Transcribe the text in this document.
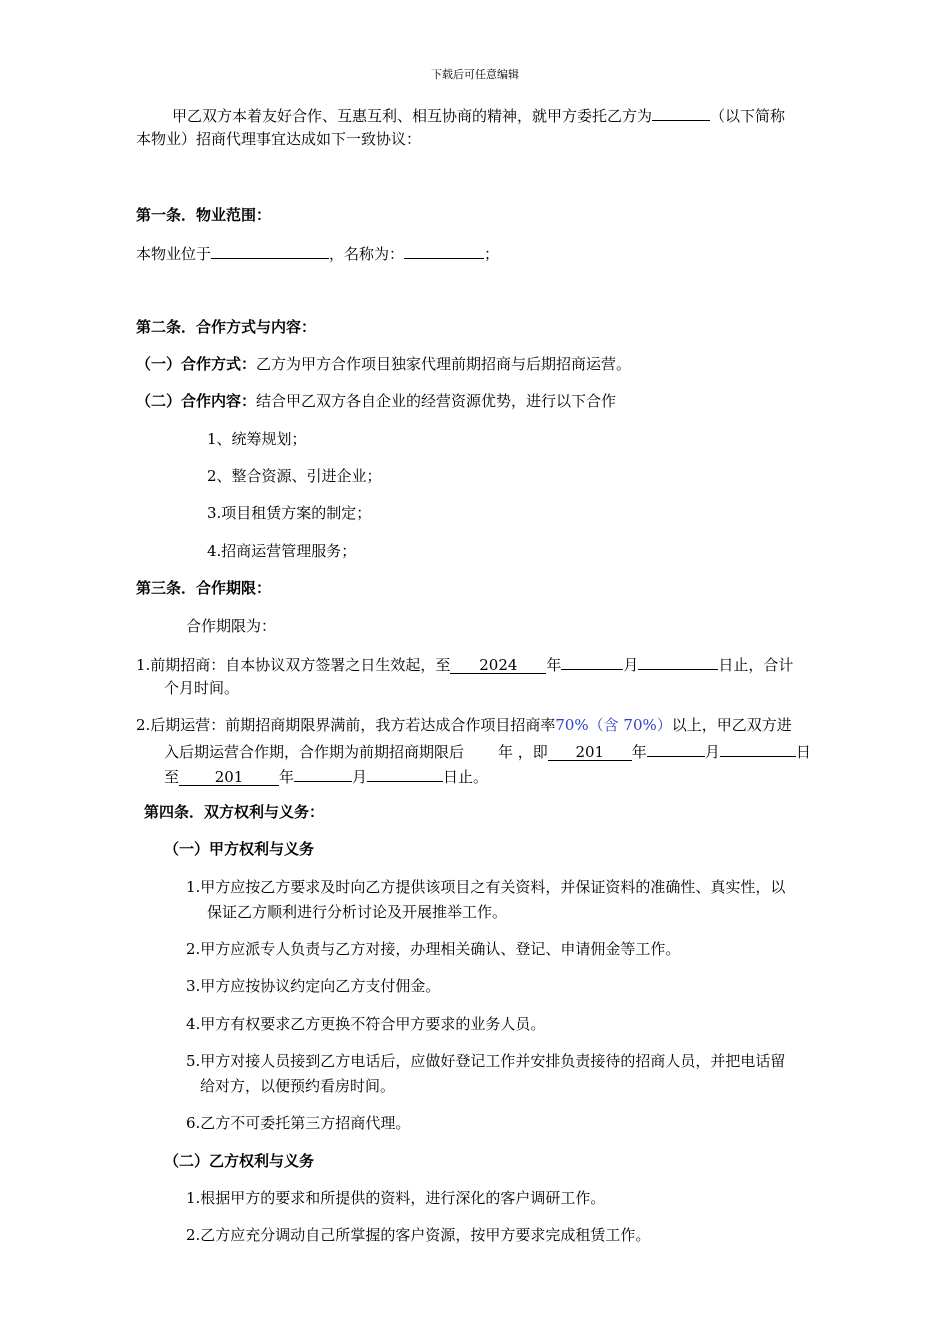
下载后可任意编辑
甲乙双方本着友好合作、互惠互利、相互协商的精神，就甲方委托乙方为	（以下简称
本物业）招商代理事宜达成如下一致协议：
第一条．物业范围：
本物业位于	，名称为：	；
第二条．合作方式与内容：
（一）合作方式：乙方为甲方合作项目独家代理前期招商与后期招商运营。
（二）合作内容：结合甲乙双方各自企业的经营资源优势，进行以下合作
1、统筹规划；
2、整合资源、引进企业；
3.项目租赁方案的制定；
4.招商运营管理服务；
第三条．合作期限：
合作期限为：
1.前期招商：自本协议双方签署之日生效起，至 2024 年	月	日止，合计
个月时间。
2.后期运营：前期招商期限界满前，我方若达成合作项目招商率70%（含 70%）以上，甲乙双方进
入后期运营合作期，合作期为前期招商期限后 年 ，即 201 年	月	日
至 201 年	月	日止。
第四条．双方权利与义务：
（一）甲方权利与义务
1.甲方应按乙方要求及时向乙方提供该项目之有关资料，并保证资料的准确性、真实性，以
保证乙方顺利进行分析讨论及开展推举工作。
2.甲方应派专人负责与乙方对接，办理相关确认、登记、申请佣金等工作。
3.甲方应按协议约定向乙方支付佣金。
4.甲方有权要求乙方更换不符合甲方要求的业务人员。
5.甲方对接人员接到乙方电话后，应做好登记工作并安排负责接待的招商人员，并把电话留
给对方，以便预约看房时间。
6.乙方不可委托第三方招商代理。
（二）乙方权利与义务
1.根据甲方的要求和所提供的资料，进行深化的客户调研工作。
2.乙方应充分调动自己所掌握的客户资源，按甲方要求完成租赁工作。
